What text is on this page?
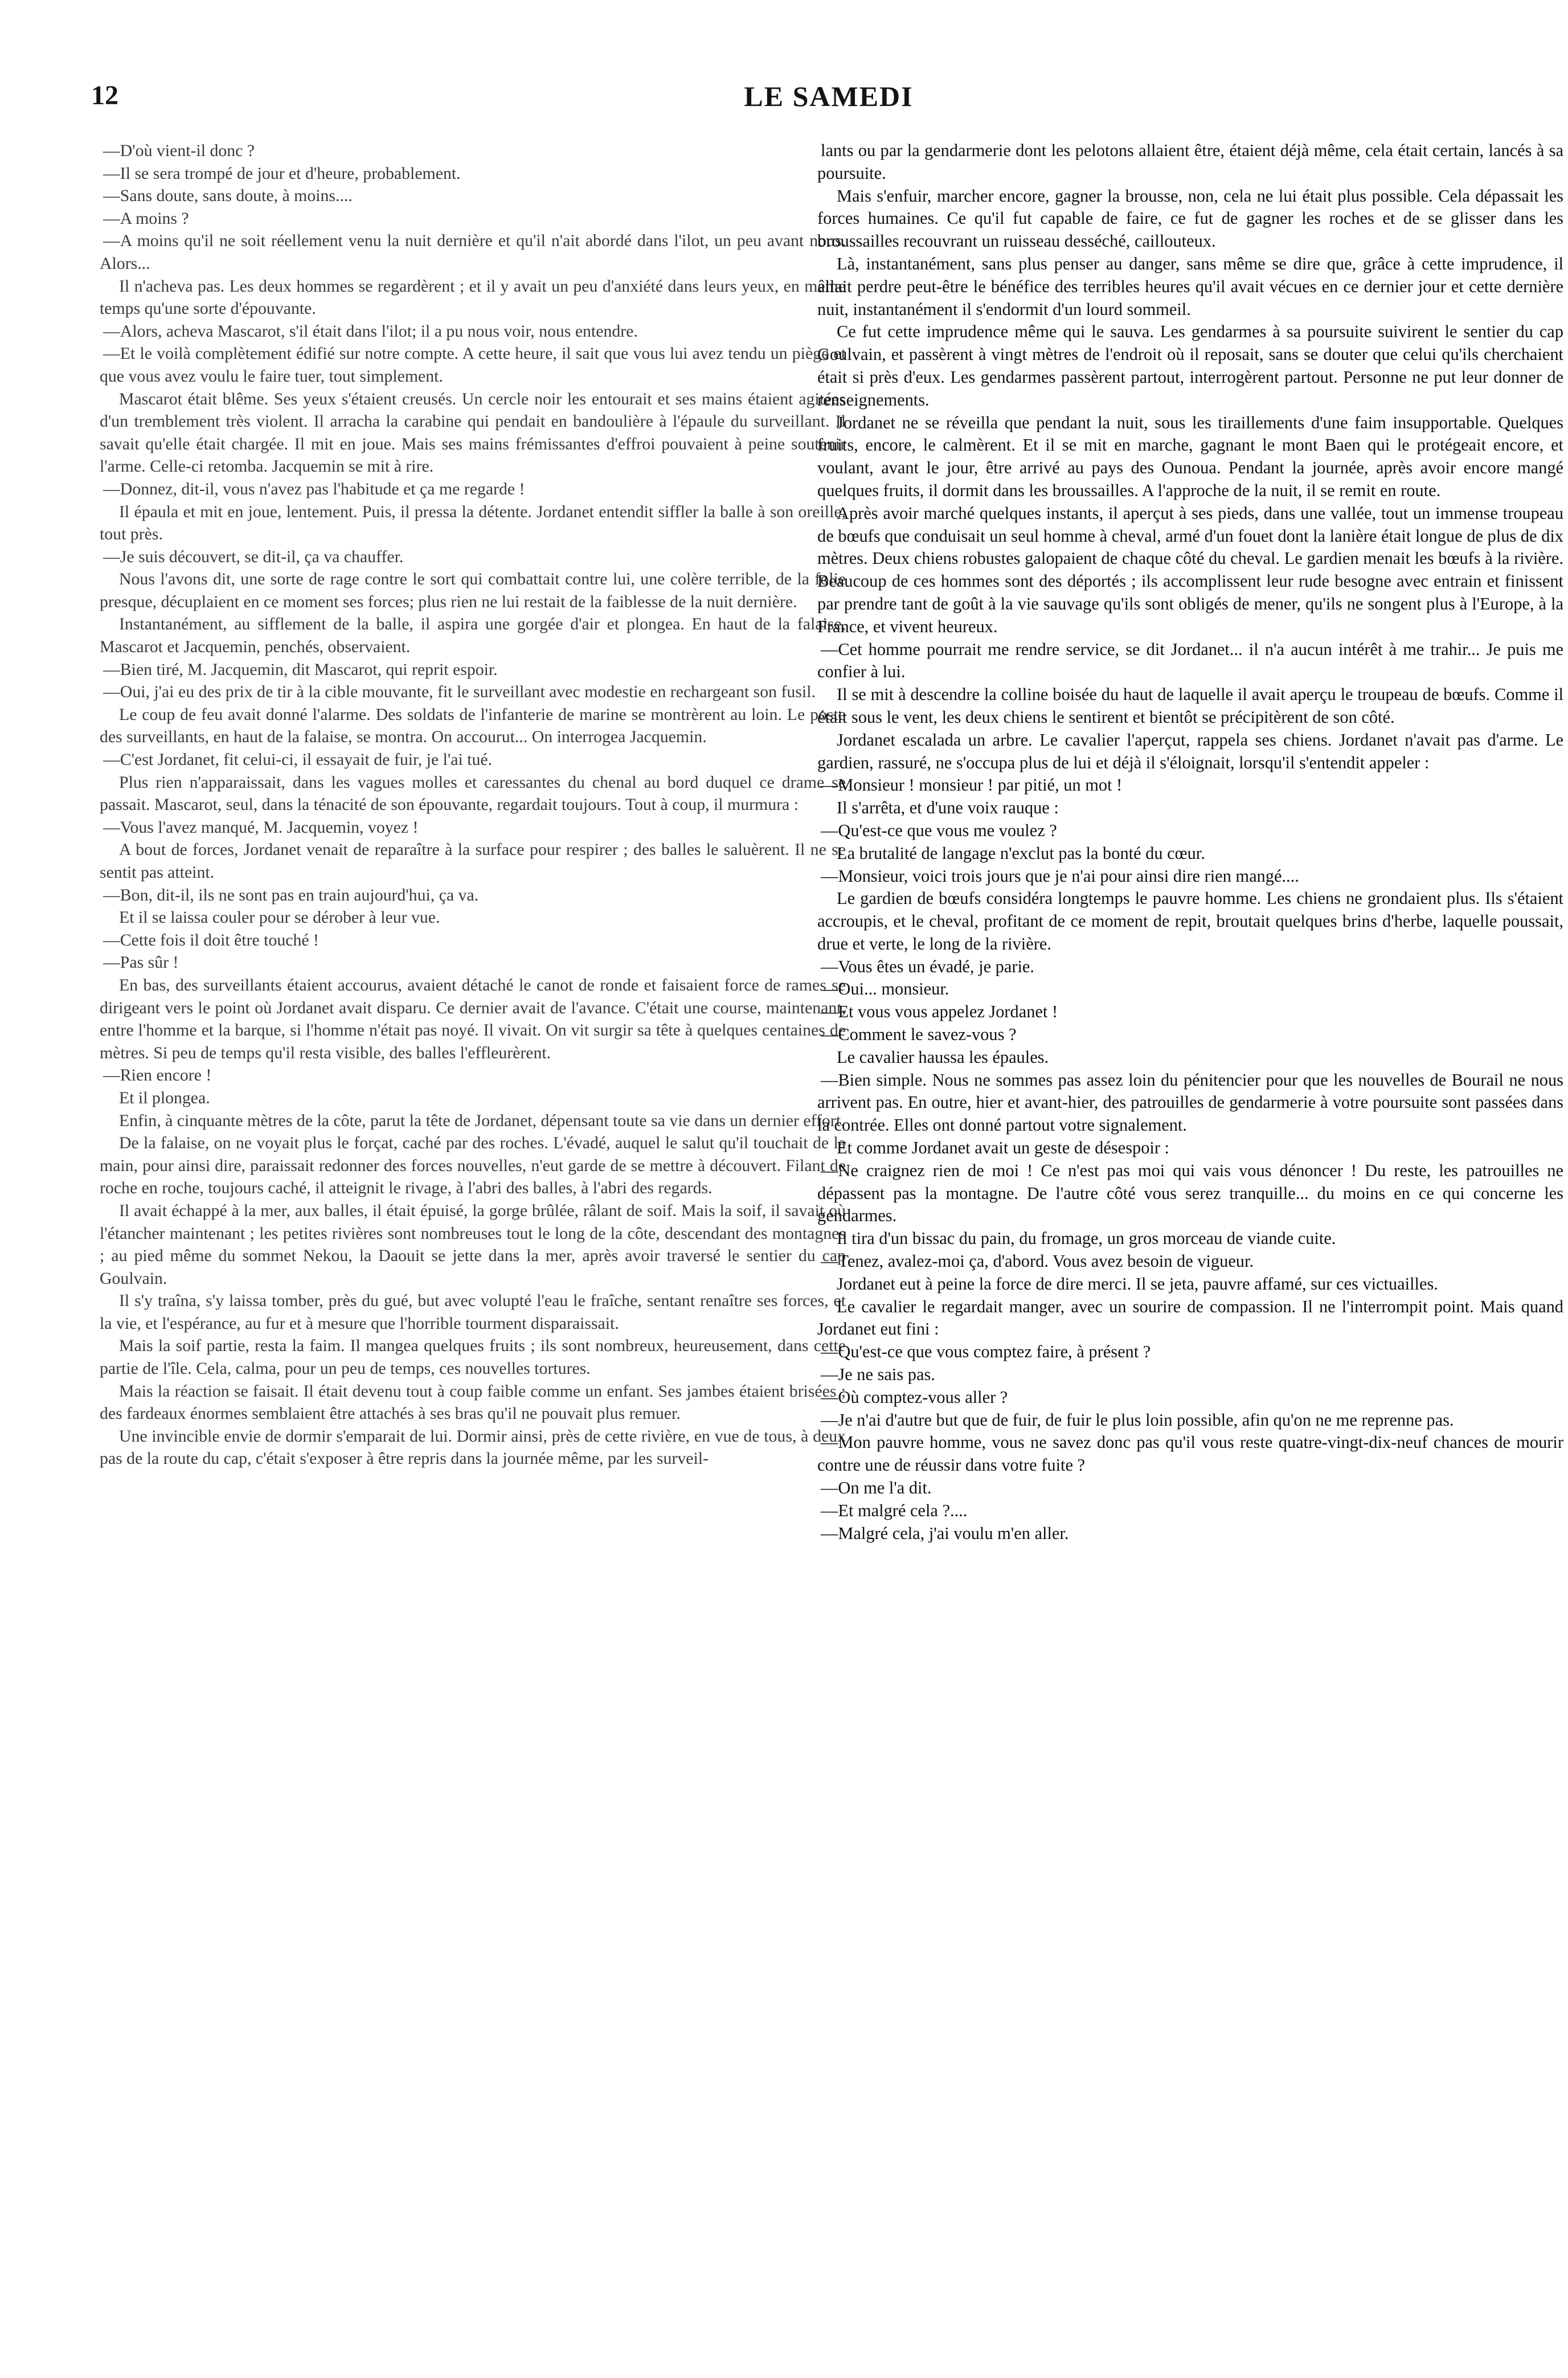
12	LE SAMEDI

—D'où vient-il donc ?

—Il se sera trompé de jour et d'heure, probablement.

—Sans doute, sans doute, à moins....

—A moins ?

—A moins qu'il ne soit réellement venu la nuit dernière et qu'il n'ait abordé dans l'ilot, un peu avant nous. Alors...

Il n'acheva pas. Les deux hommes se regardèrent ; et il y avait un peu d'anxiété dans leurs yeux, en même temps qu'une sorte d'épouvante.

—Alors, acheva Mascarot, s'il était dans l'ilot; il a pu nous voir, nous entendre.

—Et le voilà complètement édifié sur notre compte. A cette heure, il sait que vous lui avez tendu un piège et que vous avez voulu le faire tuer, tout simplement.

Mascarot était blême. Ses yeux s'étaient creusés. Un cercle noir les entourait et ses mains étaient agitées d'un tremblement très violent. Il arracha la carabine qui pendait en bandoulière à l'épaule du surveillant. Il savait qu'elle était chargée. Il mit en joue. Mais ses mains frémissantes d'effroi pouvaient à peine soutenir l'arme. Celle-ci retomba. Jacquemin se mit à rire.

—Donnez, dit-il, vous n'avez pas l'habitude et ça me regarde !

Il épaula et mit en joue, lentement. Puis, il pressa la détente. Jordanet entendit siffler la balle à son oreille, tout près.

—Je suis découvert, se dit-il, ça va chauffer.

Nous l'avons dit, une sorte de rage contre le sort qui combattait contre lui, une colère terrible, de la folie presque, décuplaient en ce moment ses forces; plus rien ne lui restait de la faiblesse de la nuit dernière.

Instantanément, au sifflement de la balle, il aspira une gorgée d'air et plongea. En haut de la falaise, Mascarot et Jacquemin, penchés, observaient.

—Bien tiré, M. Jacquemin, dit Mascarot, qui reprit espoir.

—Oui, j'ai eu des prix de tir à la cible mouvante, fit le surveillant avec modestie en rechargeant son fusil.

Le coup de feu avait donné l'alarme. Des soldats de l'infanterie de marine se montrèrent au loin. Le poste des surveillants, en haut de la falaise, se montra. On accourut... On interrogea Jacquemin.

—C'est Jordanet, fit celui-ci, il essayait de fuir, je l'ai tué.

Plus rien n'apparaissait, dans les vagues molles et caressantes du chenal au bord duquel ce drame se passait. Mascarot, seul, dans la ténacité de son épouvante, regardait toujours. Tout à coup, il murmura :

—Vous l'avez manqué, M. Jacquemin, voyez !

A bout de forces, Jordanet venait de reparaître à la surface pour respirer ; des balles le saluèrent. Il ne se sentit pas atteint.

—Bon, dit-il, ils ne sont pas en train aujourd'hui, ça va.

Et il se laissa couler pour se dérober à leur vue.

—Cette fois il doit être touché !

—Pas sûr !

En bas, des surveillants étaient accourus, avaient détaché le canot de ronde et faisaient force de rames se dirigeant vers le point où Jordanet avait disparu. Ce dernier avait de l'avance. C'était une course, maintenant, entre l'homme et la barque, si l'homme n'était pas noyé. Il vivait. On vit surgir sa tête à quelques centaines de mètres. Si peu de temps qu'il resta visible, des balles l'effleurèrent.

—Rien encore !

Et il plongea.

Enfin, à cinquante mètres de la côte, parut la tête de Jordanet, dépensant toute sa vie dans un dernier effort.

De la falaise, on ne voyait plus le forçat, caché par des roches. L'évadé, auquel le salut qu'il touchait de la main, pour ainsi dire, paraissait redonner des forces nouvelles, n'eut garde de se mettre à découvert. Filant de roche en roche, toujours caché, il atteignit le rivage, à l'abri des balles, à l'abri des regards.

Il avait échappé à la mer, aux balles, il était épuisé, la gorge brûlée, râlant de soif. Mais la soif, il savait où l'étancher maintenant ; les petites rivières sont nombreuses tout le long de la côte, descendant des montagnes ; au pied même du sommet Nekou, la Daouit se jette dans la mer, après avoir traversé le sentier du cap Goulvain.

Il s'y traîna, s'y laissa tomber, près du gué, but avec volupté l'eau le fraîche, sentant renaître ses forces, et la vie, et l'espérance, au fur et à mesure que l'horrible tourment disparaissait.

Mais la soif partie, resta la faim. Il mangea quelques fruits ; ils sont nombreux, heureusement, dans cette partie de l'île. Cela, calma, pour un peu de temps, ces nouvelles tortures.

Mais la réaction se faisait. Il était devenu tout à coup faible comme un enfant. Ses jambes étaient brisées ; des fardeaux énormes semblaient être attachés à ses bras qu'il ne pouvait plus remuer.

Une invincible envie de dormir s'emparait de lui. Dormir ainsi, près de cette rivière, en vue de tous, à deux pas de la route du cap, c'était s'exposer à être repris dans la journée même, par les surveil-

lants ou par la gendarmerie dont les pelotons allaient être, étaient déjà même, cela était certain, lancés à sa poursuite.

Mais s'enfuir, marcher encore, gagner la brousse, non, cela ne lui était plus possible. Cela dépassait les forces humaines. Ce qu'il fut capable de faire, ce fut de gagner les roches et de se glisser dans les broussailles recouvrant un ruisseau desséché, caillouteux.

Là, instantanément, sans plus penser au danger, sans même se dire que, grâce à cette imprudence, il allait perdre peut-être le bénéfice des terribles heures qu'il avait vécues en ce dernier jour et cette dernière nuit, instantanément il s'endormit d'un lourd sommeil.

Ce fut cette imprudence même qui le sauva. Les gendarmes à sa poursuite suivirent le sentier du cap Goulvain, et passèrent à vingt mètres de l'endroit où il reposait, sans se douter que celui qu'ils cherchaient était si près d'eux. Les gendarmes passèrent partout, interrogèrent partout. Personne ne put leur donner de renseignements.

Jordanet ne se réveilla que pendant la nuit, sous les tiraillements d'une faim insupportable. Quelques fruits, encore, le calmèrent. Et il se mit en marche, gagnant le mont Baen qui le protégeait encore, et voulant, avant le jour, être arrivé au pays des Ounoua. Pendant la journée, après avoir encore mangé quelques fruits, il dormit dans les broussailles. A l'approche de la nuit, il se remit en route.

Après avoir marché quelques instants, il aperçut à ses pieds, dans une vallée, tout un immense troupeau de bœufs que conduisait un seul homme à cheval, armé d'un fouet dont la lanière était longue de plus de dix mètres. Deux chiens robustes galopaient de chaque côté du cheval. Le gardien menait les bœufs à la rivière. Beaucoup de ces hommes sont des déportés ; ils accomplissent leur rude besogne avec entrain et finissent par prendre tant de goût à la vie sauvage qu'ils sont obligés de mener, qu'ils ne songent plus à l'Europe, à la France, et vivent heureux.

—Cet homme pourrait me rendre service, se dit Jordanet... il n'a aucun intérêt à me trahir... Je puis me confier à lui.

Il se mit à descendre la colline boisée du haut de laquelle il avait aperçu le troupeau de bœufs. Comme il était sous le vent, les deux chiens le sentirent et bientôt se précipitèrent de son côté.

Jordanet escalada un arbre. Le cavalier l'aperçut, rappela ses chiens. Jordanet n'avait pas d'arme. Le gardien, rassuré, ne s'occupa plus de lui et déjà il s'éloignait, lorsqu'il s'entendit appeler :

—Monsieur ! monsieur ! par pitié, un mot !

Il s'arrêta, et d'une voix rauque :

—Qu'est-ce que vous me voulez ?

La brutalité de langage n'exclut pas la bonté du cœur.

—Monsieur, voici trois jours que je n'ai pour ainsi dire rien mangé....

Le gardien de bœufs considéra longtemps le pauvre homme. Les chiens ne grondaient plus. Ils s'étaient accroupis, et le cheval, profitant de ce moment de repit, broutait quelques brins d'herbe, laquelle poussait, drue et verte, le long de la rivière.

—Vous êtes un évadé, je parie.

—Oui... monsieur.

—Et vous vous appelez Jordanet !

—Comment le savez-vous ?

Le cavalier haussa les épaules.

—Bien simple. Nous ne sommes pas assez loin du pénitencier pour que les nouvelles de Bourail ne nous arrivent pas. En outre, hier et avant-hier, des patrouilles de gendarmerie à votre poursuite sont passées dans la contrée. Elles ont donné partout votre signalement.

Et comme Jordanet avait un geste de désespoir :

—Ne craignez rien de moi ! Ce n'est pas moi qui vais vous dénoncer ! Du reste, les patrouilles ne dépassent pas la montagne. De l'autre côté vous serez tranquille... du moins en ce qui concerne les gendarmes.

Il tira d'un bissac du pain, du fromage, un gros morceau de viande cuite.

—Tenez, avalez-moi ça, d'abord. Vous avez besoin de vigueur.

Jordanet eut à peine la force de dire merci. Il se jeta, pauvre affamé, sur ces victuailles.

Le cavalier le regardait manger, avec un sourire de compassion. Il ne l'interrompit point. Mais quand Jordanet eut fini :

—Qu'est-ce que vous comptez faire, à présent ?

—Je ne sais pas.

—Où comptez-vous aller ?

—Je n'ai d'autre but que de fuir, de fuir le plus loin possible, afin qu'on ne me reprenne pas.

—Mon pauvre homme, vous ne savez donc pas qu'il vous reste quatre-vingt-dix-neuf chances de mourir contre une de réussir dans votre fuite ?

—On me l'a dit.

—Et malgré cela ?....

—Malgré cela, j'ai voulu m'en aller.
